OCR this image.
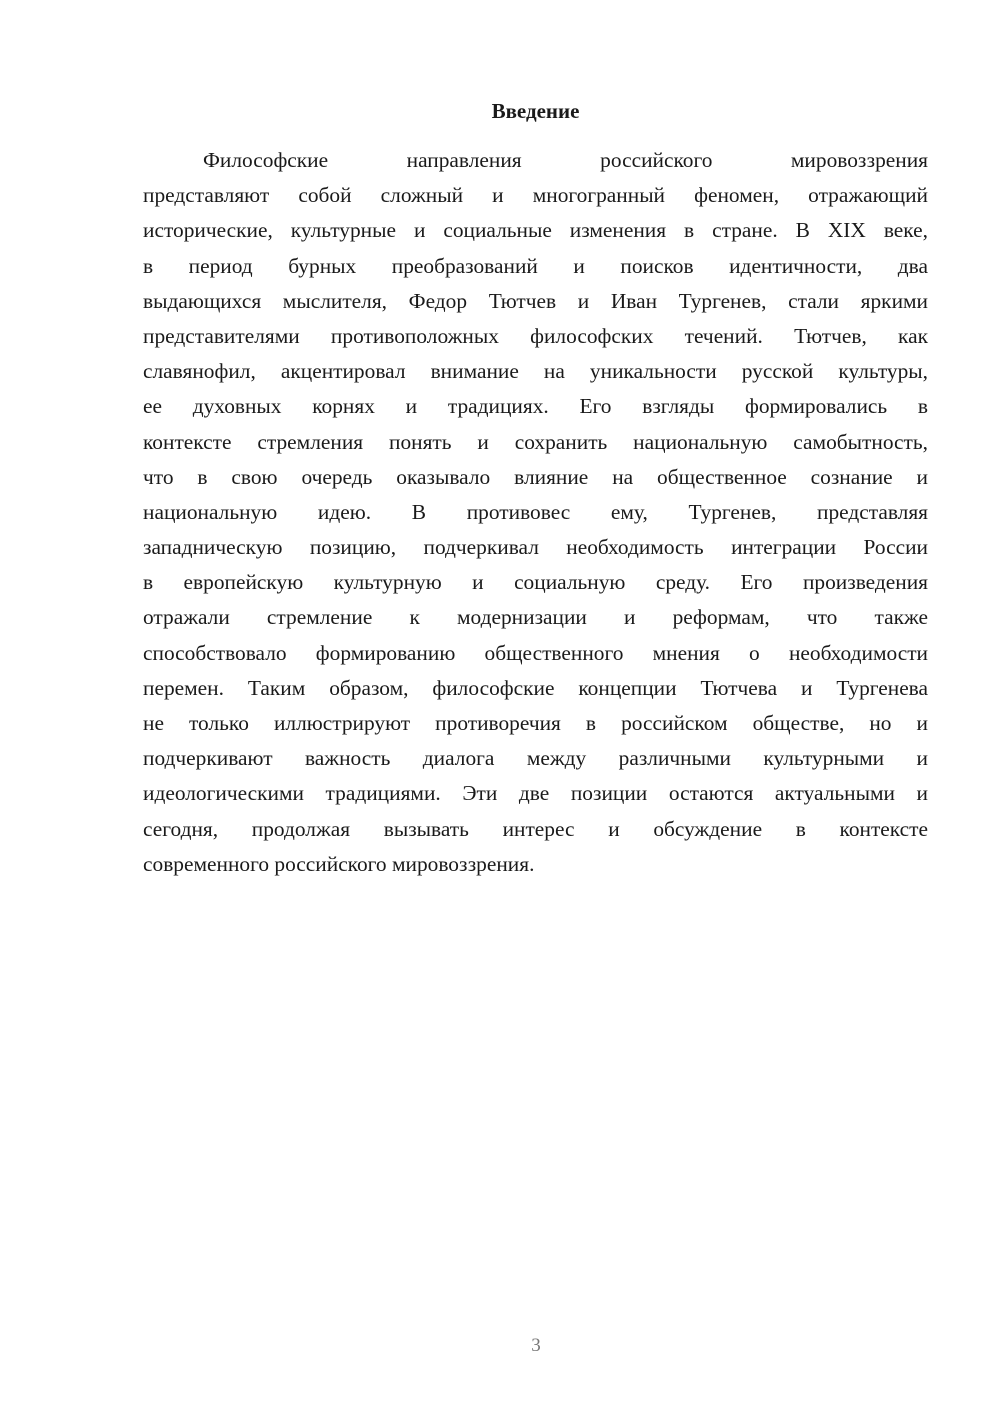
Введение
Философские направления российского мировоззрения
представляют собой сложный и многогранный феномен, отражающий
исторические, культурные и социальные изменения в стране. В XIX веке,
в период бурных преобразований и поисков идентичности, два
выдающихся мыслителя, Федор Тютчев и Иван Тургенев, стали яркими
представителями противоположных философских течений. Тютчев, как
славянофил, акцентировал внимание на уникальности русской культуры,
ее духовных корнях и традициях. Его взгляды формировались в
контексте стремления понять и сохранить национальную самобытность,
что в свою очередь оказывало влияние на общественное сознание и
национальную идею. В противовес ему, Тургенев, представляя
западническую позицию, подчеркивал необходимость интеграции России
в европейскую культурную и социальную среду. Его произведения
отражали стремление к модернизации и реформам, что также
способствовало формированию общественного мнения о необходимости
перемен. Таким образом, философские концепции Тютчева и Тургенева
не только иллюстрируют противоречия в российском обществе, но и
подчеркивают важность диалога между различными культурными и
идеологическими традициями. Эти две позиции остаются актуальными и
сегодня, продолжая вызывать интерес и обсуждение в контексте
современного российского мировоззрения.
3
